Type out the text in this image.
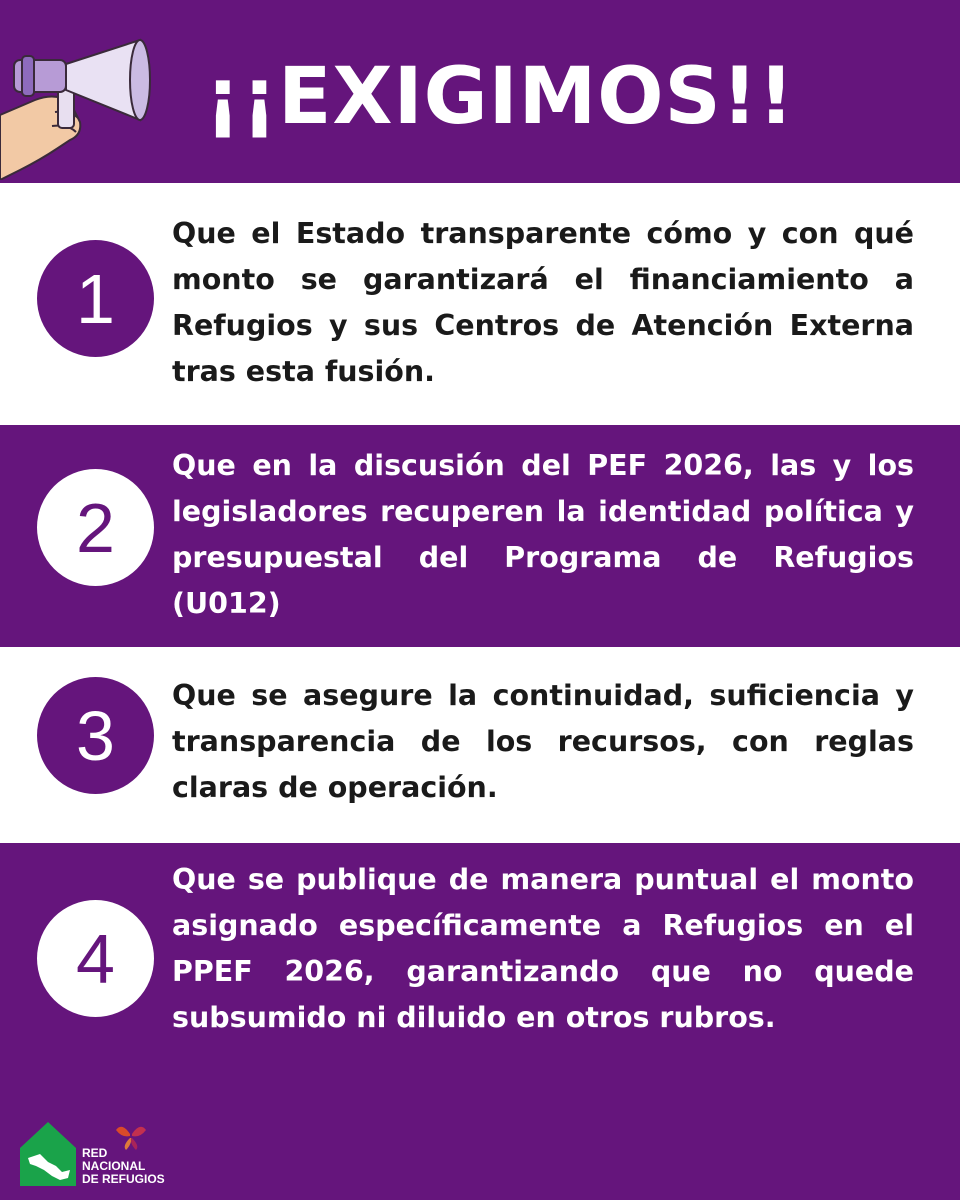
¡¡EXIGIMOS!!
1
Que el Estado transparente cómo y con qué monto se garantizará el financiamiento a Refugios y sus Centros de Atención Externa tras esta fusión.
2
Que en la discusión del PEF 2026, las y los legisladores recuperen la identidad política y presupuestal del Programa de Refugios (U012)
3
Que se asegure la continuidad, suficiencia y transparencia de los recursos, con reglas claras de operación.
4
Que se publique de manera puntual el monto asignado específicamente a Refugios en el PPEF 2026, garantizando que no quede subsumido ni diluido en otros rubros.
RED
NACIONAL
DE REFUGIOS
